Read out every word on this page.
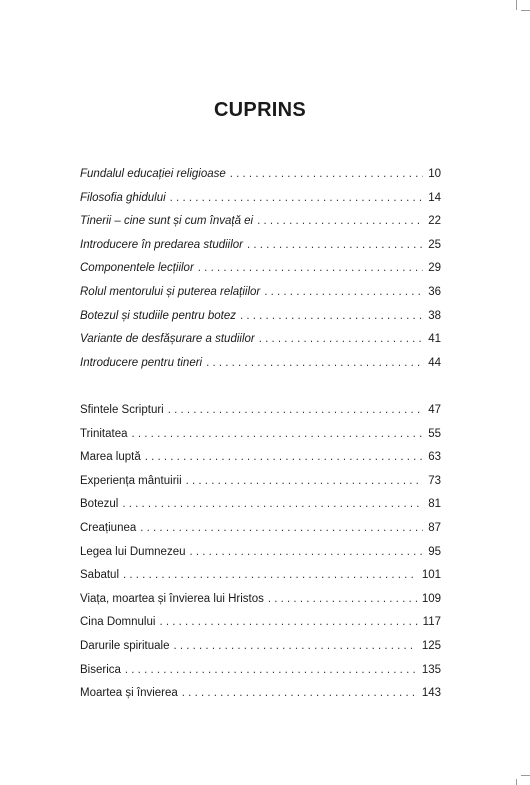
CUPRINS
Fundalul educației religioase . . .	10
Filosofia ghidului . . .	14
Tinerii – cine sunt și cum învață ei . . .	22
Introducere în predarea studiilor . . .	25
Componentele lecțiilor . . .	29
Rolul mentorului și puterea relațiilor . . .	36
Botezul și studiile pentru botez . . .	38
Variante de desfășurare a studiilor . . .	41
Introducere pentru tineri . . .	44
Sfintele Scripturi . . .	47
Trinitatea . . .	55
Marea luptă . . .	63
Experiența mântuirii . . .	73
Botezul . . .	81
Creațiunea . . .	87
Legea lui Dumnezeu . . .	95
Sabatul . . .	101
Viața, moartea și învierea lui Hristos . . .	109
Cina Domnului . . .	117
Darurile spirituale . . .	125
Biserica . . .	135
Moartea și învierea . . .	143
